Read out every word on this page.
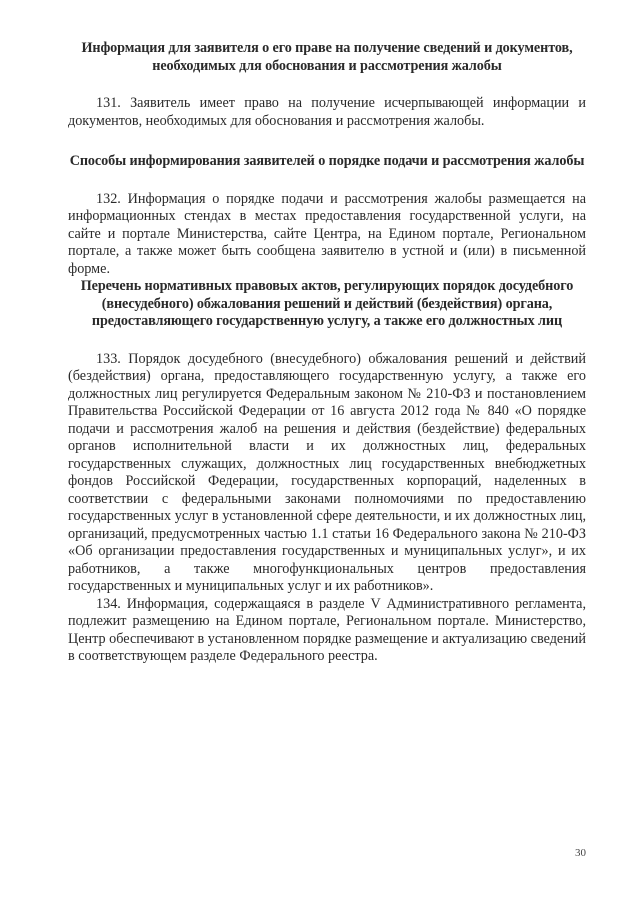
Информация для заявителя о его праве на получение сведений и документов, необходимых для обоснования и рассмотрения жалобы

131. Заявитель имеет право на получение исчерпывающей информации и документов, необходимых для обоснования и рассмотрения жалобы.

Способы информирования заявителей о порядке подачи и рассмотрения жалобы

132. Информация о порядке подачи и рассмотрения жалобы размещается на информационных стендах в местах предоставления государственной услуги, на сайте и портале Министерства, сайте Центра, на Едином портале, Региональном портале, а также может быть сообщена заявителю в устной и (или) в письменной форме.

Перечень нормативных правовых актов, регулирующих порядок досудебного (внесудебного) обжалования решений и действий (бездействия) органа, предоставляющего государственную услугу, а также его должностных лиц

133. Порядок досудебного (внесудебного) обжалования решений и действий (бездействия) органа, предоставляющего государственную услугу, а также его должностных лиц регулируется Федеральным законом № 210-ФЗ и постановлением Правительства Российской Федерации от 16 августа 2012 года № 840 «О порядке подачи и рассмотрения жалоб на решения и действия (бездействие) федеральных органов исполнительной власти и их должностных лиц, федеральных государственных служащих, должностных лиц государственных внебюджетных фондов Российской Федерации, государственных корпораций, наделенных в соответствии с федеральными законами полномочиями по предоставлению государственных услуг в установленной сфере деятельности, и их должностных лиц, организаций, предусмотренных частью 1.1 статьи 16 Федерального закона № 210-ФЗ «Об организации предоставления государственных и муниципальных услуг», и их работников, а также многофункциональных центров предоставления государственных и муниципальных услуг и их работников».

134. Информация, содержащаяся в разделе V Административного регламента, подлежит размещению на Едином портале, Региональном портале. Министерство, Центр обеспечивают в установленном порядке размещение и актуализацию сведений в соответствующем разделе Федерального реестра.

30
